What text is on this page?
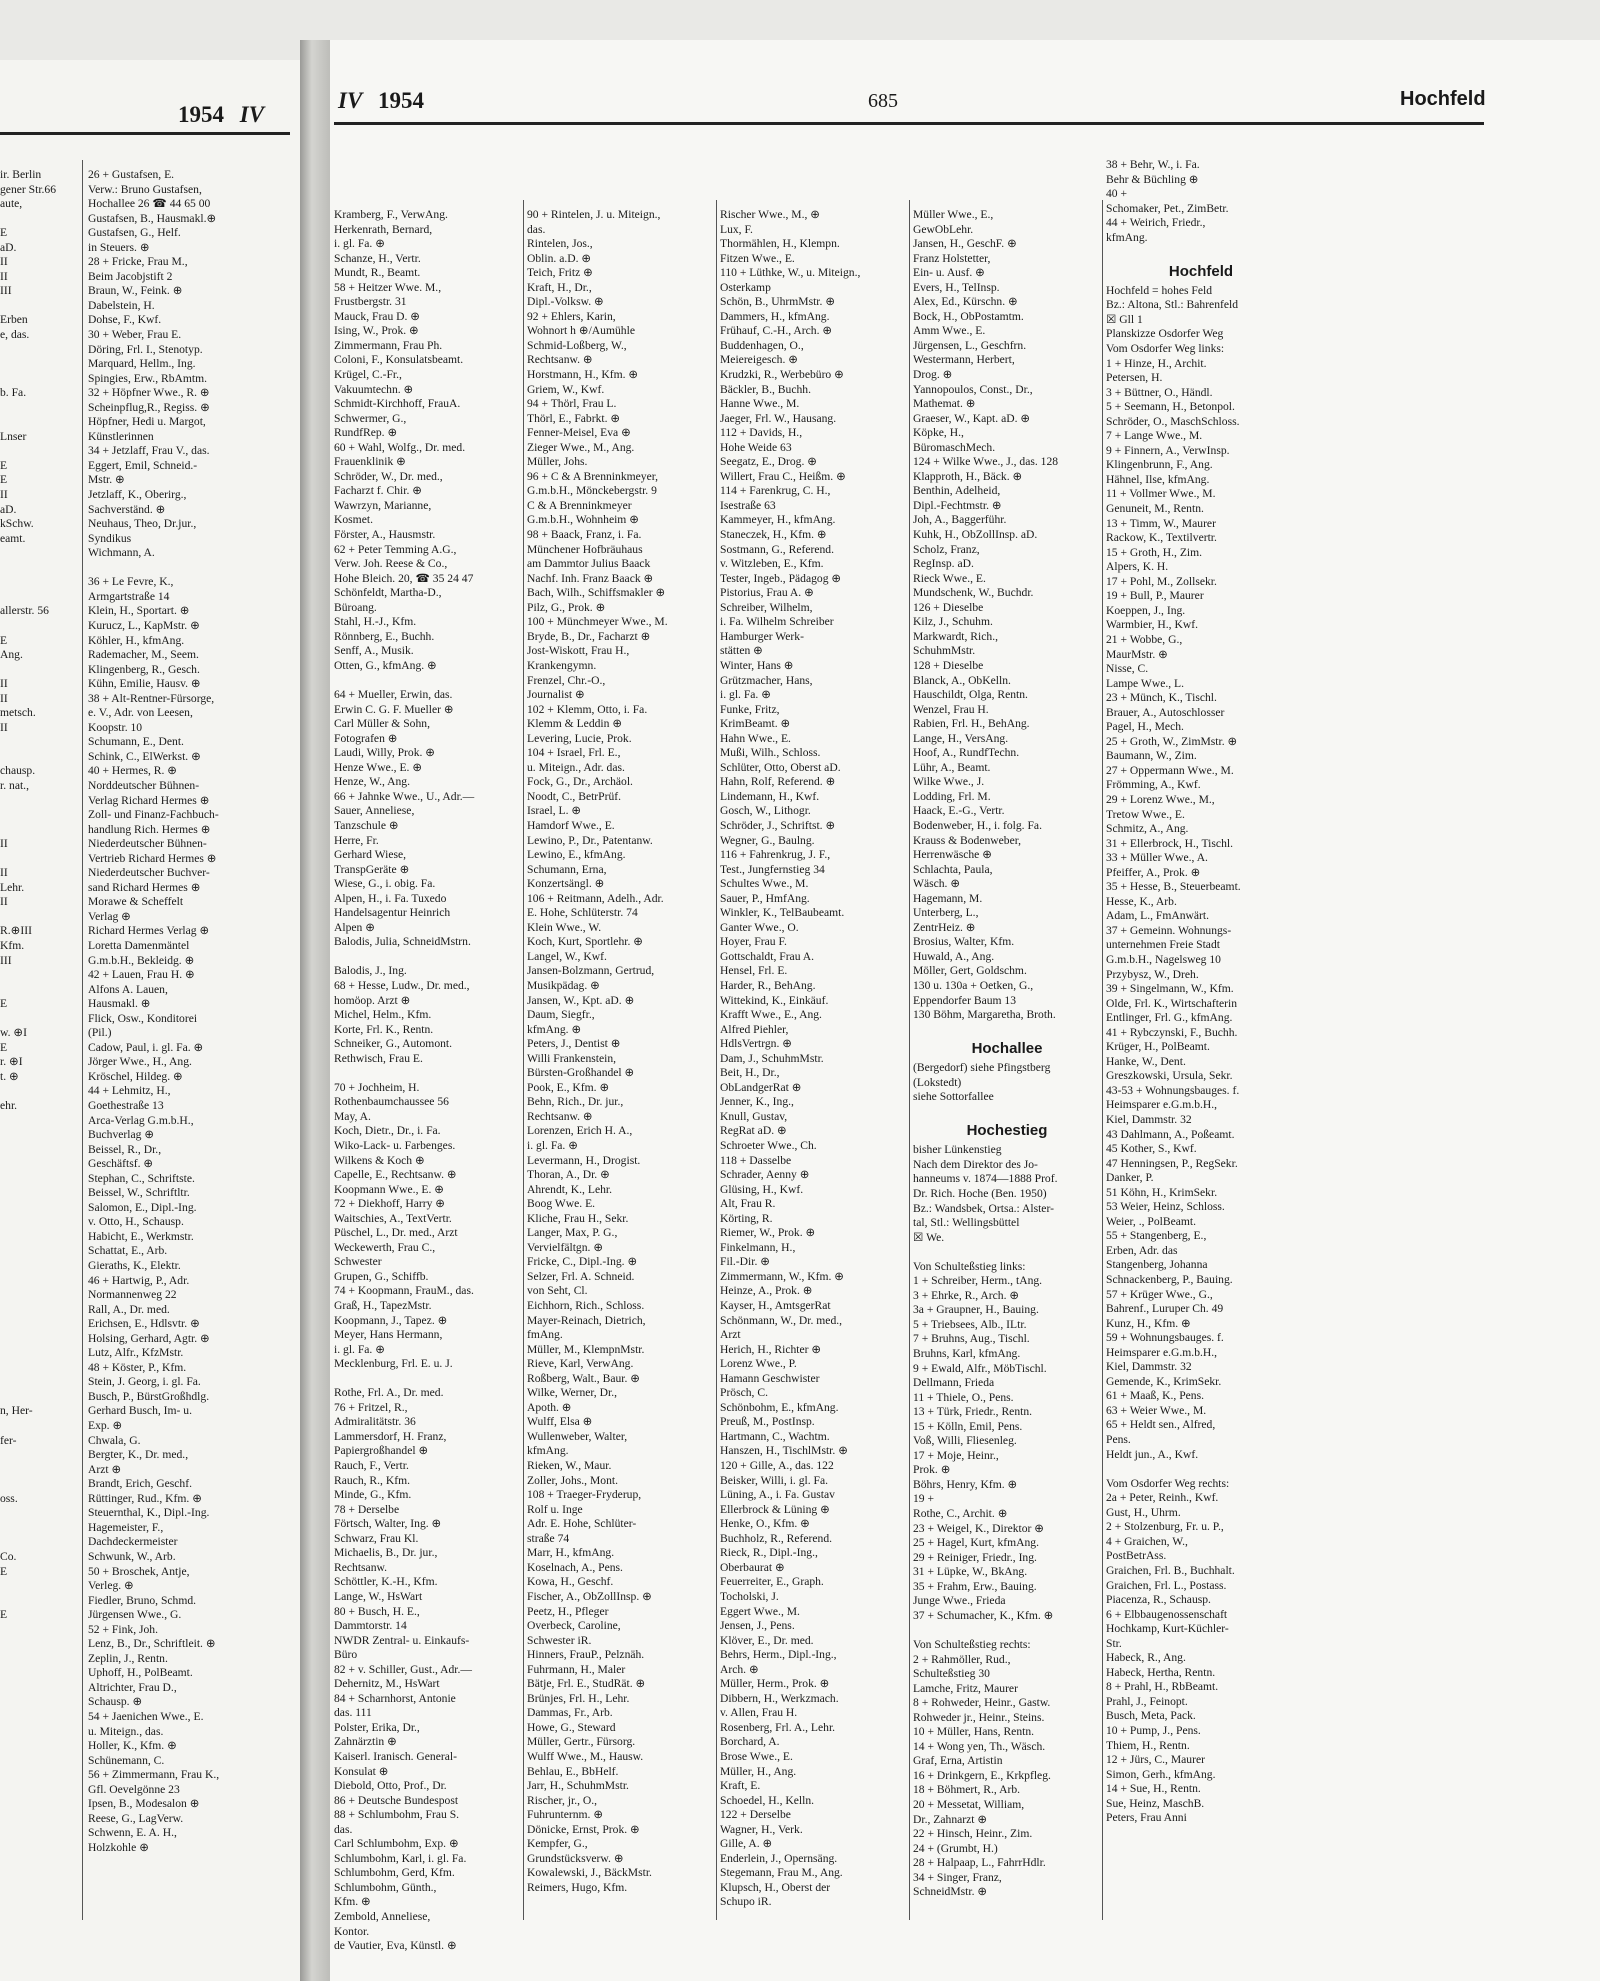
1954 IV
ir. Berlin
gener Str.66
aute,
E
aD.
II
II
III
Erben
e, das.
b. Fa.
Lnser
E
E
II
aD.
kSchw.
eamt.
allerstr. 56
E
Ang.
II
II
metsch.
II
chausp.
r. nat.,
II
II
Lehr.
II
R.⊕III
Kfm.
III
E
w. ⊕I
E
r. ⊕I
t. ⊕
ehr.
n, Her-
fer-
oss.
Co.
E
E
26 + Gustafsen, E.
Verw.: Bruno Gustafsen,
Hochallee 26 ☎ 44 65 00
Gustafsen, B., Hausmakl.⊕
Gustafsen, G., Helf.
in Steuers. ⊕
28 + Fricke, Frau M.,
Beim Jacobjstift 2
Braun, W., Feink. ⊕
Dabelstein, H.
Dohse, F., Kwf.
30 + Weber, Frau E.
Döring, Frl. I., Stenotyp.
Marquard, Hellm., Ing.
Spingies, Erw., RbAmtm.
32 + Höpfner Wwe., R. ⊕
Scheinpflug,R., Regiss. ⊕
Höpfner, Hedi u. Margot,
Künstlerinnen
34 + Jetzlaff, Frau V., das.
Eggert, Emil, Schneid.-
Mstr. ⊕
Jetzlaff, K., Oberirg.,
Sachverständ. ⊕
Neuhaus, Theo, Dr.jur.,
Syndikus
Wichmann, A.
36 + Le Fevre, K.,
Armgartstraße 14
Klein, H., Sportart. ⊕
Kurucz, L., KapMstr. ⊕
Köhler, H., kfmAng.
Rademacher, M., Seem.
Klingenberg, R., Gesch.
Kühn, Emilie, Hausv. ⊕
38 + Alt-Rentner-Fürsorge,
e. V., Adr. von Leesen,
Koopstr. 10
Schumann, E., Dent.
Schink, C., ElWerkst. ⊕
40 + Hermes, R. ⊕
Norddeutscher Bühnen-
Verlag Richard Hermes ⊕
Zoll- und Finanz-Fachbuch-
handlung Rich. Hermes ⊕
Niederdeutscher Bühnen-
Vertrieb Richard Hermes ⊕
Niederdeutscher Buchver-
sand Richard Hermes ⊕
Morawe & Scheffelt
Verlag ⊕
Richard Hermes Verlag ⊕
Loretta Damenmäntel
G.m.b.H., Bekleidg. ⊕
42 + Lauen, Frau H. ⊕
Alfons A. Lauen,
Hausmakl. ⊕
Flick, Osw., Konditorei
(Pil.)
Cadow, Paul, i. gl. Fa. ⊕
Jörger Wwe., H., Ang.
Kröschel, Hildeg. ⊕
44 + Lehmitz, H.,
Goethestraße 13
Arca-Verlag G.m.b.H.,
Buchverlag ⊕
Beissel, R., Dr.,
Geschäftsf. ⊕
Stephan, C., Schriftste.
Beissel, W., Schriftltr.
Salomon, E., Dipl.-Ing.
v. Otto, H., Schausp.
Habicht, E., Werkmstr.
Schattat, E., Arb.
Gieraths, K., Elektr.
46 + Hartwig, P., Adr.
Normannenweg 22
Rall, A., Dr. med.
Erichsen, E., Hdlsvtr. ⊕
Holsing, Gerhard, Agtr. ⊕
Lutz, Alfr., KfzMstr.
48 + Köster, P., Kfm.
Stein, J. Georg, i. gl. Fa.
Busch, P., BürstGroßhdlg.
Gerhard Busch, Im- u.
Exp. ⊕
Chwala, G.
Bergter, K., Dr. med.,
Arzt ⊕
Brandt, Erich, Geschf.
Rüttinger, Rud., Kfm. ⊕
Steuernthal, K., Dipl.-Ing.
Hagemeister, F.,
Dachdeckermeister
Schwunk, W., Arb.
50 + Broschek, Antje,
Verleg. ⊕
Fiedler, Bruno, Schmd.
Jürgensen Wwe., G.
52 + Fink, Joh.
Lenz, B., Dr., Schriftleit. ⊕
Zeplin, J., Rentn.
Uphoff, H., PolBeamt.
Altrichter, Frau D.,
Schausp. ⊕
54 + Jaenichen Wwe., E.
u. Miteign., das.
Holler, K., Kfm. ⊕
Schünemann, C.
56 + Zimmermann, Frau K.,
Gfl. Oevelgönne 23
Ipsen, B., Modesalon ⊕
Reese, G., LagVerw.
Schwenn, E. A. H.,
Holzkohle ⊕
IV 1954	685	Hochfeld
Kramberg, F., VerwAng.
Herkenrath, Bernard,
i. gl. Fa. ⊕
Schanze, H., Vertr.
Mundt, R., Beamt.
58 + Heitzer Wwe. M.,
Frustbergstr. 31
Mauck, Frau D. ⊕
Ising, W., Prok. ⊕
Zimmermann, Frau Ph.
Coloni, F., Konsulatsbeamt.
Krügel, C.-Fr.,
Vakuumtechn. ⊕
Schmidt-Kirchhoff, FrauA.
Schwermer, G.,
RundfRep. ⊕
60 + Wahl, Wolfg., Dr. med.
Frauenklinik ⊕
Schröder, W., Dr. med.,
Facharzt f. Chir. ⊕
Wawrzyn, Marianne,
Kosmet.
Förster, A., Hausmstr.
62 + Peter Temming A.G.,
Verw. Joh. Reese & Co.,
Hohe Bleich. 20, ☎ 35 24 47
Schönfeldt, Martha-D.,
Büroang.
Stahl, H.-J., Kfm.
Rönnberg, E., Buchh.
Senff, A., Musik.
Otten, G., kfmAng. ⊕
64 + Mueller, Erwin, das.
Erwin C. G. F. Mueller ⊕
Carl Müller & Sohn,
Fotografen ⊕
Laudi, Willy, Prok. ⊕
Henze Wwe., E. ⊕
Henze, W., Ang.
66 + Jahnke Wwe., U., Adr.—
Sauer, Anneliese,
Tanzschule ⊕
Herre, Fr.
Gerhard Wiese,
TranspGeräte ⊕
Wiese, G., i. obig. Fa.
Alpen, H., i. Fa. Tuxedo
Handelsagentur Heinrich
Alpen ⊕
Balodis, Julia, SchneidMstrn.
Balodis, J., Ing.
68 + Hesse, Ludw., Dr. med.,
homöop. Arzt ⊕
Michel, Helm., Kfm.
Korte, Frl. K., Rentn.
Schneiker, G., Automont.
Rethwisch, Frau E.
70 + Jochheim, H.
Rothenbaumchaussee 56
May, A.
Koch, Dietr., Dr., i. Fa.
Wiko-Lack- u. Farbenges.
Wilkens & Koch ⊕
Capelle, E., Rechtsanw. ⊕
Koopmann Wwe., E. ⊕
72 + Diekhoff, Harry ⊕
Waitschies, A., TextVertr.
Püschel, L., Dr. med., Arzt
Weckewerth, Frau C.,
Schwester
Grupen, G., Schiffb.
74 + Koopmann, FrauM., das.
Graß, H., TapezMstr.
Koopmann, J., Tapez. ⊕
Meyer, Hans Hermann,
i. gl. Fa. ⊕
Mecklenburg, Frl. E. u. J.
Rothe, Frl. A., Dr. med.
76 + Fritzel, R.,
Admiralitätstr. 36
Lammersdorf, H. Franz,
Papiergroßhandel ⊕
Rauch, F., Vertr.
Rauch, R., Kfm.
Minde, G., Kfm.
78 + Derselbe
Förtsch, Walter, Ing. ⊕
Schwarz, Frau Kl.
Michaelis, B., Dr. jur.,
Rechtsanw.
Schöttler, K.-H., Kfm.
Lange, W., HsWart
80 + Busch, H. E.,
Dammtorstr. 14
NWDR Zentral- u. Einkaufs-
Büro
82 + v. Schiller, Gust., Adr.—
Dehernitz, M., HsWart
84 + Scharnhorst, Antonie
das. 111
Polster, Erika, Dr.,
Zahnärztin ⊕
Kaiserl. Iranisch. General-
Konsulat ⊕
Diebold, Otto, Prof., Dr.
86 + Deutsche Bundespost
88 + Schlumbohm, Frau S.
das.
Carl Schlumbohm, Exp. ⊕
Schlumbohm, Karl, i. gl. Fa.
Schlumbohm, Gerd, Kfm.
Schlumbohm, Günth.,
Kfm. ⊕
Zembold, Anneliese,
Kontor.
de Vautier, Eva, Künstl. ⊕
90 + Rintelen, J. u. Miteign.,
das.
Rintelen, Jos.,
Oblin. a.D. ⊕
Teich, Fritz ⊕
Kraft, H., Dr.,
Dipl.-Volksw. ⊕
92 + Ehlers, Karin,
Wohnort h ⊕/Aumühle
Schmid-Loßberg, W.,
Rechtsanw. ⊕
Horstmann, H., Kfm. ⊕
Griem, W., Kwf.
94 + Thörl, Frau L.
Thörl, E., Fabrkt. ⊕
Fenner-Meisel, Eva ⊕
Zieger Wwe., M., Ang.
Müller, Johs.
96 + C & A Brenninkmeyer,
G.m.b.H., Mönckebergstr. 9
C & A Brenninkmeyer
G.m.b.H., Wohnheim ⊕
98 + Baack, Franz, i. Fa.
Münchener Hofbräuhaus
am Dammtor Julius Baack
Nachf. Inh. Franz Baack ⊕
Bach, Wilh., Schiffsmakler ⊕
Pilz, G., Prok. ⊕
100 + Münchmeyer Wwe., M.
Bryde, B., Dr., Facharzt ⊕
Jost-Wiskott, Frau H.,
Krankengymn.
Frenzel, Chr.-O.,
Journalist ⊕
102 + Klemm, Otto, i. Fa.
Klemm & Leddin ⊕
Levering, Lucie, Prok.
104 + Israel, Frl. E.,
u. Miteign., Adr. das.
Fock, G., Dr., Archäol.
Noodt, C., BetrPrüf.
Israel, L. ⊕
Hamdorf Wwe., E.
Lewino, P., Dr., Patentanw.
Lewino, E., kfmAng.
Schumann, Erna,
Konzertsängl. ⊕
106 + Reitmann, Adelh., Adr.
E. Hohe, Schlüterstr. 74
Klein Wwe., W.
Koch, Kurt, Sportlehr. ⊕
Langel, W., Kwf.
Jansen-Bolzmann, Gertrud,
Musikpädag. ⊕
Jansen, W., Kpt. aD. ⊕
Daum, Siegfr.,
kfmAng. ⊕
Peters, J., Dentist ⊕
Willi Frankenstein,
Bürsten-Großhandel ⊕
Pook, E., Kfm. ⊕
Behn, Rich., Dr. jur.,
Rechtsanw. ⊕
Lorenzen, Erich H. A.,
i. gl. Fa. ⊕
Levermann, H., Drogist.
Thoran, A., Dr. ⊕
Ahrendt, K., Lehr.
Boog Wwe. E.
Kliche, Frau H., Sekr.
Langer, Max, P. G.,
Vervielfältgn. ⊕
Fricke, C., Dipl.-Ing. ⊕
Selzer, Frl. A. Schneid.
von Seht, Cl.
Eichhorn, Rich., Schloss.
Mayer-Reinach, Dietrich,
fmAng.
Müller, M., KlempnMstr.
Rieve, Karl, VerwAng.
Roßberg, Walt., Baur. ⊕
Wilke, Werner, Dr.,
Apoth. ⊕
Wulff, Elsa ⊕
Wullenweber, Walter,
kfmAng.
Rieken, W., Maur.
Zoller, Johs., Mont.
108 + Traeger-Fryderup,
Rolf u. Inge
Adr. E. Hohe, Schlüter-
straße 74
Marr, H., kfmAng.
Koselnach, A., Pens.
Kowa, H., Geschf.
Fischer, A., ObZollInsp. ⊕
Peetz, H., Pfleger
Overbeck, Caroline,
Schwester iR.
Hinners, FrauP., Pelznäh.
Fuhrmann, H., Maler
Bätje, Frl. E., StudRät. ⊕
Brünjes, Frl. H., Lehr.
Dammas, Fr., Arb.
Howe, G., Steward
Müller, Gertr., Fürsorg.
Wulff Wwe., M., Hausw.
Behlau, E., BbHelf.
Jarr, H., SchuhmMstr.
Rischer, jr., O.,
Fuhrunternm. ⊕
Dönicke, Ernst, Prok. ⊕
Kempfer, G.,
Grundstücksverw. ⊕
Kowalewski, J., BäckMstr.
Reimers, Hugo, Kfm.
Rischer Wwe., M., ⊕
Lux, F.
Thormählen, H., Klempn.
Fitzen Wwe., E.
110 + Lüthke, W., u. Miteign.,
Osterkamp
Schön, B., UhrmMstr. ⊕
Dammers, H., kfmAng.
Frühauf, C.-H., Arch. ⊕
Buddenhagen, O.,
Meiereigesch. ⊕
Krudzki, R., Werbebüro ⊕
Bäckler, B., Buchh.
Hanne Wwe., M.
Jaeger, Frl. W., Hausang.
112 + Davids, H.,
Hohe Weide 63
Seegatz, E., Drog. ⊕
Willert, Frau C., Heißm. ⊕
114 + Farenkrug, C. H.,
Isestraße 63
Kammeyer, H., kfmAng.
Staneczek, H., Kfm. ⊕
Sostmann, G., Referend.
v. Witzleben, E., Kfm.
Tester, Ingeb., Pädagog ⊕
Pistorius, Frau A. ⊕
Schreiber, Wilhelm,
i. Fa. Wilhelm Schreiber
Hamburger Werk-
stätten ⊕
Winter, Hans ⊕
Grützmacher, Hans,
i. gl. Fa. ⊕
Funke, Fritz,
KrimBeamt. ⊕
Hahn Wwe., E.
Mußi, Wilh., Schloss.
Schlüter, Otto, Oberst aD.
Hahn, Rolf, Referend. ⊕
Lindemann, H., Kwf.
Gosch, W., Lithogr.
Schröder, J., Schriftst. ⊕
Wegner, G., Baulng.
116 + Fahrenkrug, J. F.,
Test., Jungfernstieg 34
Schultes Wwe., M.
Sauer, P., HmfAng.
Winkler, K., TelBaubeamt.
Ganter Wwe., O.
Hoyer, Frau F.
Gottschaldt, Frau A.
Hensel, Frl. E.
Harder, R., BehAng.
Wittekind, K., Einkäuf.
Krafft Wwe., E., Ang.
Alfred Piehler,
HdlsVertrgn. ⊕
Dam, J., SchuhmMstr.
Beit, H., Dr.,
ObLandgerRat ⊕
Jenner, K., Ing.,
Knull, Gustav,
RegRat aD. ⊕
Schroeter Wwe., Ch.
118 + Dasselbe
Schrader, Aenny ⊕
Glüsing, H., Kwf.
Alt, Frau R.
Körting, R.
Riemer, W., Prok. ⊕
Finkelmann, H.,
Fil.-Dir. ⊕
Zimmermann, W., Kfm. ⊕
Heinze, A., Prok. ⊕
Kayser, H., AmtsgerRat
Schönmann, W., Dr. med.,
Arzt
Herich, H., Richter ⊕
Lorenz Wwe., P.
Hamann Geschwister
Prösch, C.
Schönbohm, E., kfmAng.
Preuß, M., PostInsp.
Hartmann, C., Wachtm.
Hanszen, H., TischlMstr. ⊕
120 + Gille, A., das. 122
Beisker, Willi, i. gl. Fa.
Lüning, A., i. Fa. Gustav
Ellerbrock & Lüning ⊕
Henke, O., Kfm. ⊕
Buchholz, R., Referend.
Rieck, R., Dipl.-Ing.,
Oberbaurat ⊕
Feuerreiter, E., Graph.
Tocholski, J.
Eggert Wwe., M.
Jensen, J., Pens.
Klöver, E., Dr. med.
Behrs, Herm., Dipl.-Ing.,
Arch. ⊕
Müller, Herm., Prok. ⊕
Dibbern, H., Werkzmach.
v. Allen, Frau H.
Rosenberg, Frl. A., Lehr.
Borchard, A.
Brose Wwe., E.
Müller, H., Ang.
Kraft, E.
Schoedel, H., Kelln.
122 + Derselbe
Wagner, H., Verk.
Gille, A. ⊕
Enderlein, J., Opernsäng.
Stegemann, Frau M., Ang.
Klupsch, H., Oberst der
Schupo iR.
Müller Wwe., E.,
GewObLehr.
Jansen, H., GeschF. ⊕
Franz Holstetter,
Ein- u. Ausf. ⊕
Evers, H., TelInsp.
Alex, Ed., Kürschn. ⊕
Bock, H., ObPostamtm.
Amm Wwe., E.
Jürgensen, L., Geschfrn.
Westermann, Herbert,
Drog. ⊕
Yannopoulos, Const., Dr.,
Mathemat. ⊕
Graeser, W., Kapt. aD. ⊕
Köpke, H.,
BüromaschMech.
124 + Wilke Wwe., J., das. 128
Klapproth, H., Bäck. ⊕
Benthin, Adelheid,
Dipl.-Fechtmstr. ⊕
Joh, A., Baggerführ.
Kuhk, H., ObZollInsp. aD.
Scholz, Franz,
RegInsp. aD.
Rieck Wwe., E.
Mundschenk, W., Buchdr.
126 + Dieselbe
Kilz, J., Schuhm.
Markwardt, Rich.,
SchuhmMstr.
128 + Dieselbe
Blanck, A., ObKelln.
Hauschildt, Olga, Rentn.
Wenzel, Frau H.
Rabien, Frl. H., BehAng.
Lange, H., VersAng.
Hoof, A., RundfTechn.
Lühr, A., Beamt.
Wilke Wwe., J.
Lodding, Frl. M.
Haack, E.-G., Vertr.
Bodenweber, H., i. folg. Fa.
Krauss & Bodenweber,
Herrenwäsche ⊕
Schlachta, Paula,
Wäsch. ⊕
Hagemann, M.
Unterberg, L.,
ZentrHeiz. ⊕
Brosius, Walter, Kfm.
Huwald, A., Ang.
Möller, Gert, Goldschm.
130 u. 130a + Oetken, G.,
Eppendorfer Baum 13
130 Böhm, Margaretha, Broth.
Hochallee
(Bergedorf) siehe Pfingstberg
(Lokstedt)
siehe Sottorfallee
Hochestieg
bisher Lünkenstieg
Nach dem Direktor des Jo-
hanneums v. 1874—1888 Prof.
Dr. Rich. Hoche (Ben. 1950)
Bz.: Wandsbek, Ortsa.: Alster-
tal, Stl.: Wellingsbüttel
☒ We.
Von Schulteßstieg links:
1 + Schreiber, Herm., tAng.
3 + Ehrke, R., Arch. ⊕
3a + Graupner, H., Bauing.
5 + Triebsees, Alb., ILtr.
7 + Bruhns, Aug., Tischl.
Bruhns, Karl, kfmAng.
9 + Ewald, Alfr., MöbTischl.
Dellmann, Frieda
11 + Thiele, O., Pens.
13 + Türk, Friedr., Rentn.
15 + Kölln, Emil, Pens.
Voß, Willi, Fliesenleg.
17 + Moje, Heinr.,
Prok. ⊕
Böhrs, Henry, Kfm. ⊕
19 +
Rothe, C., Archit. ⊕
23 + Weigel, K., Direktor ⊕
25 + Hagel, Kurt, kfmAng.
29 + Reiniger, Friedr., Ing.
31 + Lüpke, W., BkAng.
35 + Frahm, Erw., Bauing.
Junge Wwe., Frieda
37 + Schumacher, K., Kfm. ⊕
Von Schulteßstieg rechts:
2 + Rahmöller, Rud.,
Schulteßstieg 30
Lamche, Fritz, Maurer
8 + Rohweder, Heinr., Gastw.
Rohweder jr., Heinr., Steins.
10 + Müller, Hans, Rentn.
14 + Wong yen, Th., Wäsch.
Graf, Erna, Artistin
16 + Drinkgern, E., Krkpfleg.
18 + Böhmert, R., Arb.
20 + Messetat, William,
Dr., Zahnarzt ⊕
22 + Hinsch, Heinr., Zim.
24 + (Grumbt, H.)
28 + Halpaap, L., FahrrHdlr.
34 + Singer, Franz,
SchneidMstr. ⊕
38 + Behr, W., i. Fa.
Behr & Büchling ⊕
40 +
Schomaker, Pet., ZimBetr.
44 + Weirich, Friedr.,
kfmAng.
Hochfeld
Hochfeld = hohes Feld
Bz.: Altona, Stl.: Bahrenfeld
☒ Gll 1
Planskizze Osdorfer Weg
Vom Osdorfer Weg links:
1 + Hinze, H., Archit.
Petersen, H.
3 + Büttner, O., Händl.
5 + Seemann, H., Betonpol.
Schröder, O., MaschSchloss.
7 + Lange Wwe., M.
9 + Finnern, A., VerwInsp.
Klingenbrunn, F., Ang.
Hähnel, Ilse, kfmAng.
11 + Vollmer Wwe., M.
Genuneit, M., Rentn.
13 + Timm, W., Maurer
Rackow, K., Textilvertr.
15 + Groth, H., Zim.
Alpers, K. H.
17 + Pohl, M., Zollsekr.
19 + Bull, P., Maurer
Koeppen, J., Ing.
Warmbier, H., Kwf.
21 + Wobbe, G.,
MaurMstr. ⊕
Nisse, C.
Lampe Wwe., L.
23 + Münch, K., Tischl.
Brauer, A., Autoschlosser
Pagel, H., Mech.
25 + Groth, W., ZimMstr. ⊕
Baumann, W., Zim.
27 + Oppermann Wwe., M.
Frömming, A., Kwf.
29 + Lorenz Wwe., M.,
Tretow Wwe., E.
Schmitz, A., Ang.
31 + Ellerbrock, H., Tischl.
33 + Müller Wwe., A.
Pfeiffer, A., Prok. ⊕
35 + Hesse, B., Steuerbeamt.
Hesse, K., Arb.
Adam, L., FmAnwärt.
37 + Gemeinn. Wohnungs-
unternehmen Freie Stadt
G.m.b.H., Nagelsweg 10
Przybysz, W., Dreh.
39 + Singelmann, W., Kfm.
Olde, Frl. K., Wirtschafterin
Entlinger, Frl. G., kfmAng.
41 + Rybczynski, F., Buchh.
Krüger, H., PolBeamt.
Hanke, W., Dent.
Greszkowski, Ursula, Sekr.
43-53 + Wohnungsbauges. f.
Heimsparer e.G.m.b.H.,
Kiel, Dammstr. 32
43 Dahlmann, A., Poßeamt.
45 Kother, S., Kwf.
47 Henningsen, P., RegSekr.
Danker, P.
51 Köhn, H., KrimSekr.
53 Weier, Heinz, Schloss.
Weier, ., PolBeamt.
55 + Stangenberg, E.,
Erben, Adr. das
Stangenberg, Johanna
Schnackenberg, P., Bauing.
57 + Krüger Wwe., G.,
Bahrenf., Luruper Ch. 49
Kunz, H., Kfm. ⊕
59 + Wohnungsbauges. f.
Heimsparer e.G.m.b.H.,
Kiel, Dammstr. 32
Gemende, K., KrimSekr.
61 + Maaß, K., Pens.
63 + Weier Wwe., M.
65 + Heldt sen., Alfred,
Pens.
Heldt jun., A., Kwf.
Vom Osdorfer Weg rechts:
2a + Peter, Reinh., Kwf.
Gust, H., Uhrm.
2 + Stolzenburg, Fr. u. P.,
4 + Graichen, W.,
PostBetrAss.
Graichen, Frl. B., Buchhalt.
Graichen, Frl. L., Postass.
Piacenza, R., Schausp.
6 + Elbbaugenossenschaft
Hochkamp, Kurt-Küchler-
Str.
Habeck, R., Ang.
Habeck, Hertha, Rentn.
8 + Prahl, H., RbBeamt.
Prahl, J., Feinopt.
Busch, Meta, Pack.
10 + Pump, J., Pens.
Thiem, H., Rentn.
12 + Jürs, C., Maurer
Simon, Gerh., kfmAng.
14 + Sue, H., Rentn.
Sue, Heinz, MaschB.
Peters, Frau Anni
